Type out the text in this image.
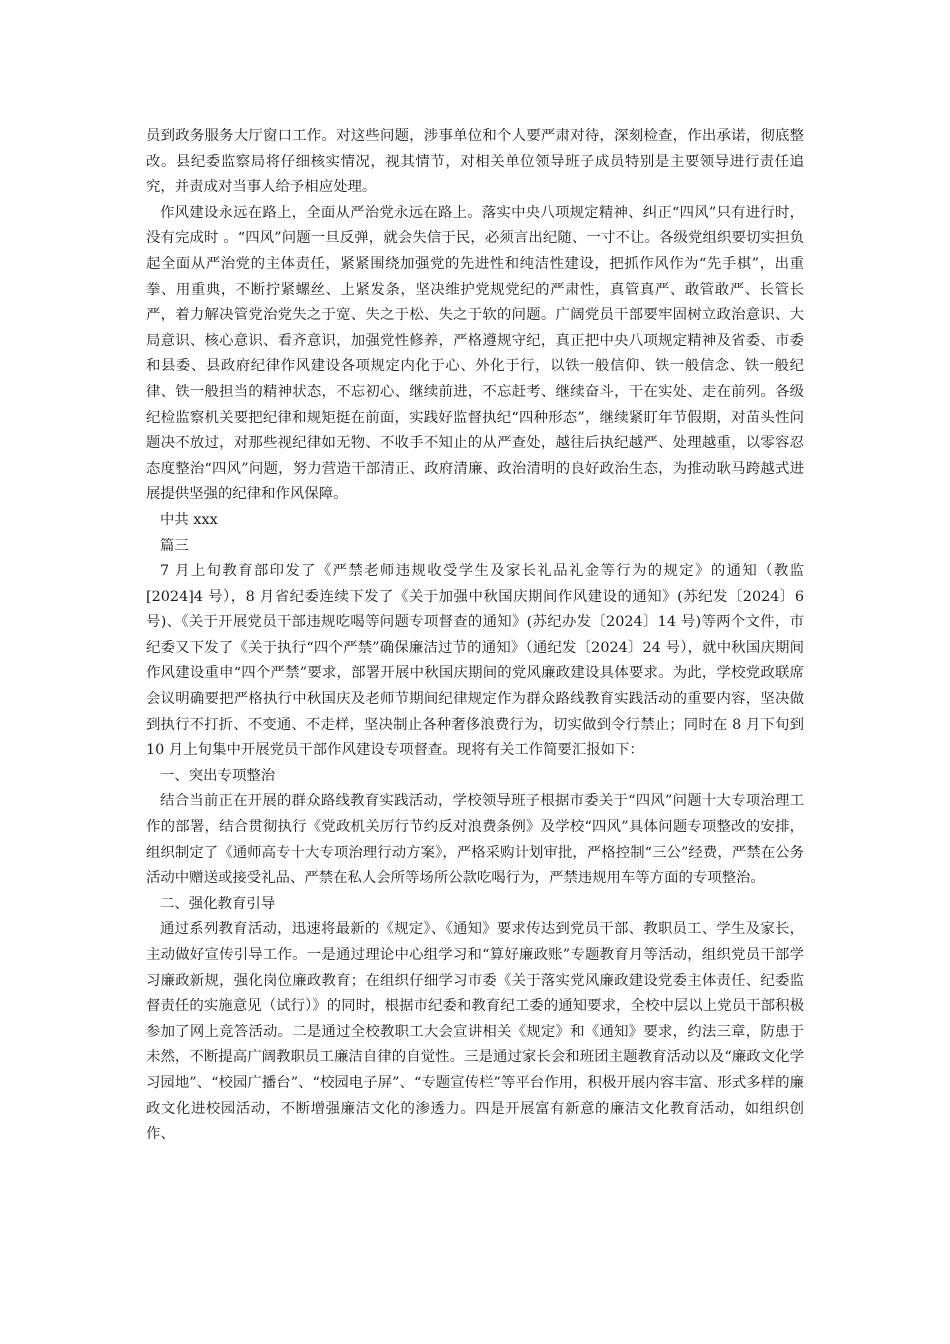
员到政务服务大厅窗口工作。对这些问题，涉事单位和个人要严肃对待，深刻检查，作出承诺，彻底整改。县纪委监察局将仔细核实情况，视其情节，对相关单位领导班子成员特别是主要领导进行责任追究，并责成对当事人给予相应处理。

作风建设永远在路上，全面从严治党永远在路上。落实中央八项规定精神、纠正“四风”只有进行时，没有完成时 。“四风”问题一旦反弹，就会失信于民，必须言出纪随、一寸不让。各级党组织要切实担负起全面从严治党的主体责任，紧紧围绕加强党的先进性和纯洁性建设，把抓作风作为“先手棋”，出重拳、用重典，不断拧紧螺丝、上紧发条，坚决维护党规党纪的严肃性，真管真严、敢管敢严、长管长严，着力解决管党治党失之于宽、失之于松、失之于软的问题。广阔党员干部要牢固树立政治意识、大局意识、核心意识、看齐意识，加强党性修养，严格遵规守纪，真正把中央八项规定精神及省委、市委和县委、县政府纪律作风建设各项规定内化于心、外化于行，以铁一般信仰、铁一般信念、铁一般纪律、铁一般担当的精神状态，不忘初心、继续前进，不忘赶考、继续奋斗，干在实处、走在前列。各级纪检监察机关要把纪律和规矩挺在前面，实践好监督执纪“四种形态”，继续紧盯年节假期，对苗头性问题决不放过，对那些视纪律如无物、不收手不知止的从严查处，越往后执纪越严、处理越重，以零容忍态度整治“四风”问题，努力营造干部清正、政府清廉、政治清明的良好政治生态，为推动耿马跨越式进展提供坚强的纪律和作风保障。

中共 xxx

篇三

7 月上旬教育部印发了《严禁老师违规收受学生及家长礼品礼金等行为的规定》的通知（教监[2024]4 号），8 月省纪委连续下发了《关于加强中秋国庆期间作风建设的通知》(苏纪发〔2024〕6 号)、《关于开展党员干部违规吃喝等问题专项督查的通知》(苏纪办发〔2024〕14 号)等两个文件，市纪委又下发了《关于执行“四个严禁”确保廉洁过节的通知》（通纪发〔2024〕24 号），就中秋国庆期间作风建设重申“四个严禁”要求，部署开展中秋国庆期间的党风廉政建设具体要求。为此，学校党政联席会议明确要把严格执行中秋国庆及老师节期间纪律规定作为群众路线教育实践活动的重要内容，坚决做到执行不打折、不变通、不走样，坚决制止各种奢侈浪费行为，切实做到令行禁止；同时在 8 月下旬到 10 月上旬集中开展党员干部作风建设专项督查。现将有关工作简要汇报如下：

一、突出专项整治

结合当前正在开展的群众路线教育实践活动，学校领导班子根据市委关于“四风”问题十大专项治理工作的部署，结合贯彻执行《党政机关厉行节约反对浪费条例》及学校“四风”具体问题专项整改的安排，组织制定了《通师高专十大专项治理行动方案》，严格采购计划审批，严格控制“三公”经费，严禁在公务活动中赠送或接受礼品、严禁在私人会所等场所公款吃喝行为，严禁违规用车等方面的专项整治。

二、强化教育引导

通过系列教育活动，迅速将最新的《规定》、《通知》要求传达到党员干部、教职员工、学生及家长，主动做好宣传引导工作。一是通过理论中心组学习和“算好廉政账”专题教育月等活动，组织党员干部学习廉政新规，强化岗位廉政教育；在组织仔细学习市委《关于落实党风廉政建设党委主体责任、纪委监督责任的实施意见（试行）》的同时，根据市纪委和教育纪工委的通知要求，全校中层以上党员干部积极参加了网上竞答活动。二是通过全校教职工大会宣讲相关《规定》和《通知》要求，约法三章，防患于未然，不断提高广阔教职员工廉洁自律的自觉性。三是通过家长会和班团主题教育活动以及“廉政文化学习园地”、“校园广播台”、“校园电子屏”、“专题宣传栏”等平台作用，积极开展内容丰富、形式多样的廉政文化进校园活动，不断增强廉洁文化的渗透力。四是开展富有新意的廉洁文化教育活动，如组织创作、
